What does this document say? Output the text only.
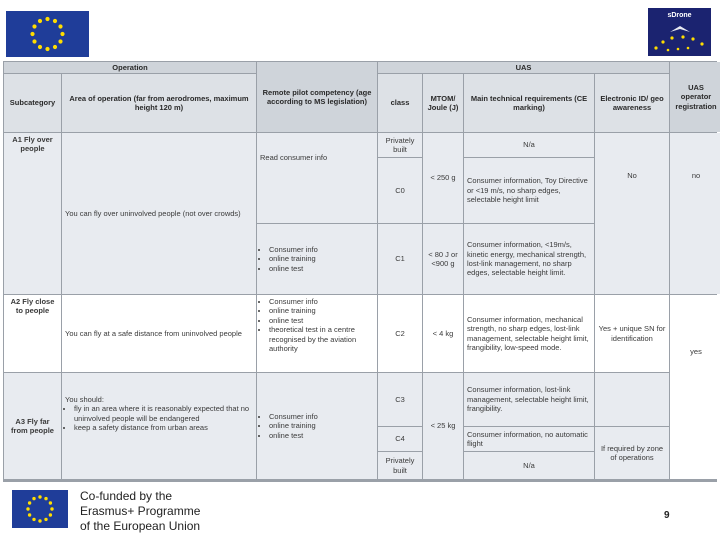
sDrone
Operation
Remote pilot competency (age according to MS legislation)
UAS
UAS operator registration
Subcategory
Area of operation (far from aerodromes, maximum height 120 m)
class
MTOM/ Joule (J)
Main technical requirements (CE marking)
Electronic ID/ geo awareness
A1 Fly over people
You can fly over uninvolved people (not over crowds)
Read consumer info
• Consumer info
• online training
• online test
Privately built
C0
C1
< 250 g
< 80 J or <900 g
N/a
Consumer information, Toy Directive or <19 m/s, no sharp edges, selectable height limit
Consumer information, <19m/s, kinetic energy, mechanical strength, lost-link management, no sharp edges, selectable height limit.
No	no
A2 Fly close to people
You can fly at a safe distance from uninvolved people
• Consumer info
• online training
• online test
• theoretical test in a centre recognised by the aviation authority
C2	< 4 kg
Consumer information, mechanical strength, no sharp edges, lost-link management, selectable height limit, frangibility, low-speed mode.
Yes + unique SN for identification
yes
A3 Fly far from people
You should:
• fly in an area where it is reasonably expected that no uninvolved people will be endangered
• keep a safety distance from urban areas
• Consumer info
• online training
• online test
C3
C4
Privately built
< 25 kg
Consumer information, lost-link management, selectable height limit, frangibility.
Consumer information, no automatic flight
N/a
If required by zone of operations
Co-funded by the
Erasmus+ Programme
of the European Union
9
